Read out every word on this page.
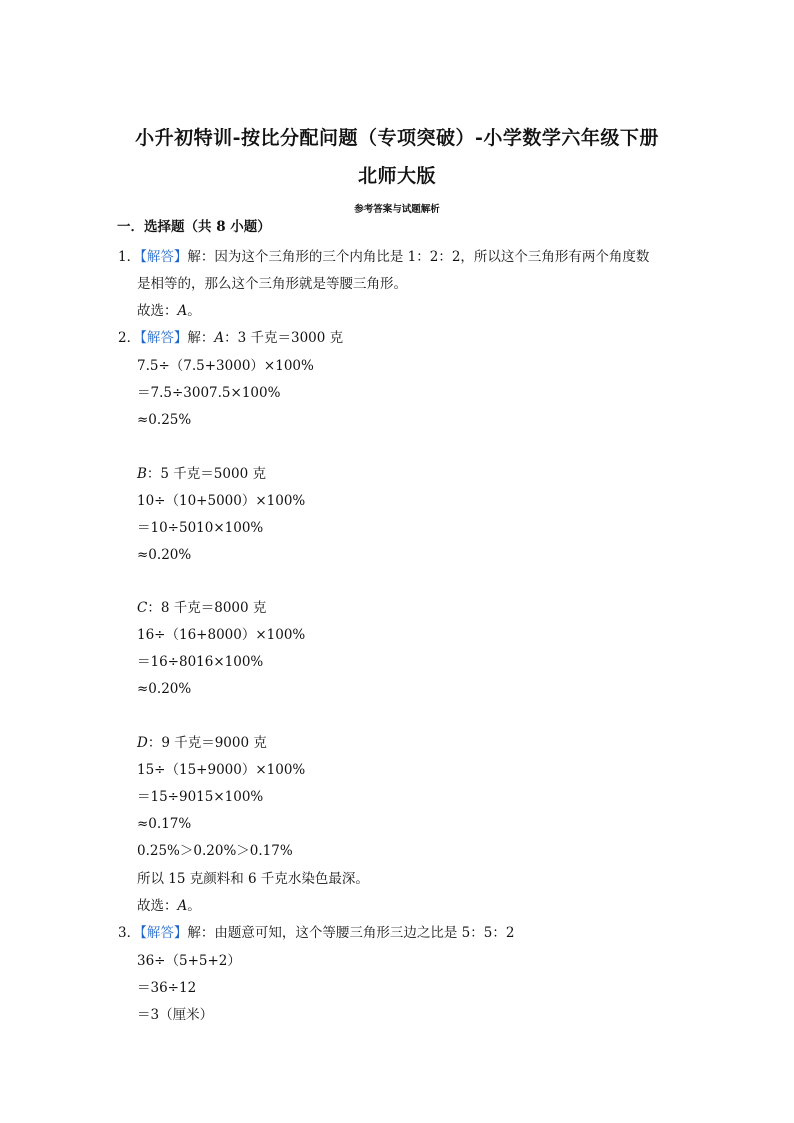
小升初特训-按比分配问题（专项突破）-小学数学六年级下册
北师大版
参考答案与试题解析
一．选择题（共 8 小题）
1．【解答】解：因为这个三角形的三个内角比是 1：2：2，所以这个三角形有两个角度数
是相等的，那么这个三角形就是等腰三角形。
故选：A。
2．【解答】解：A：3 千克＝3000 克
7.5÷（7.5+3000）×100%
＝7.5÷3007.5×100%
≈0.25%
B：5 千克＝5000 克
10÷（10+5000）×100%
＝10÷5010×100%
≈0.20%
C：8 千克＝8000 克
16÷（16+8000）×100%
＝16÷8016×100%
≈0.20%
D：9 千克＝9000 克
15÷（15+9000）×100%
＝15÷9015×100%
≈0.17%
0.25%＞0.20%＞0.17%
所以 15 克颜料和 6 千克水染色最深。
故选：A。
3．【解答】解：由题意可知，这个等腰三角形三边之比是 5：5：2
36÷（5+5+2）
＝36÷12
＝3（厘米）
